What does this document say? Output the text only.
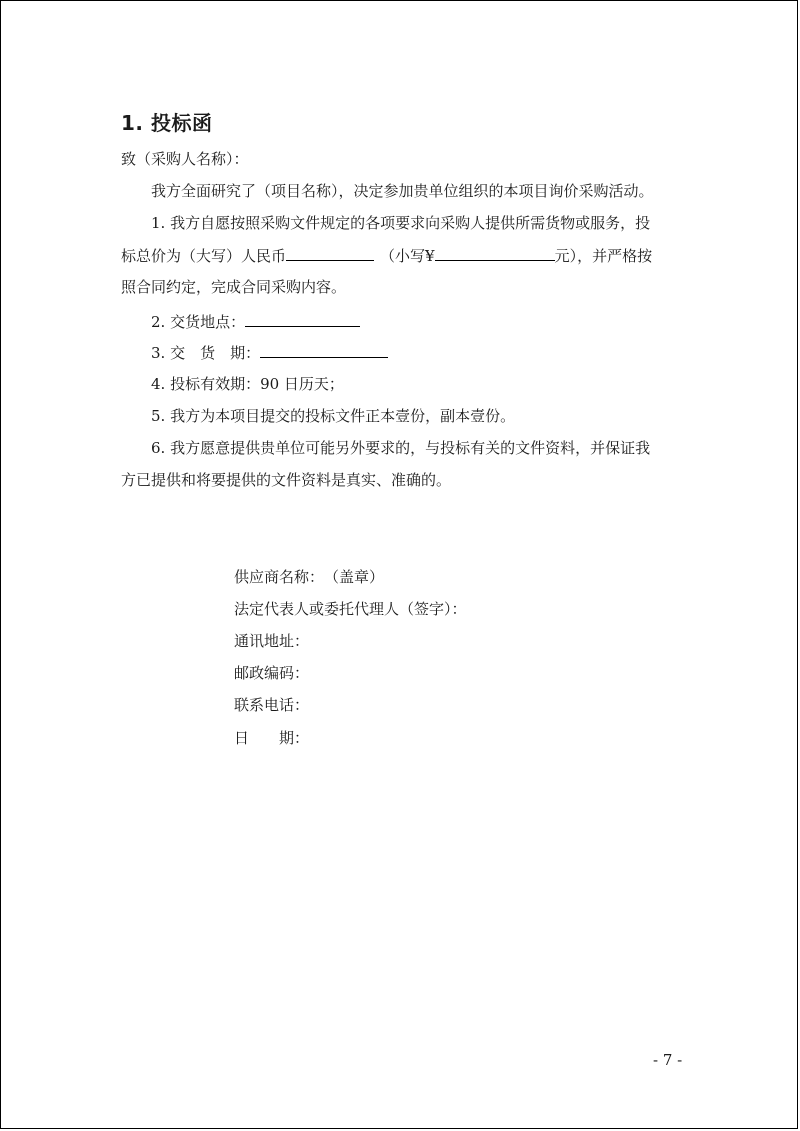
1. 投标函
致（采购人名称）：
我方全面研究了（项目名称），决定参加贵单位组织的本项目询价采购活动。
1. 我方自愿按照采购文件规定的各项要求向采购人提供所需货物或服务，投
标总价为（大写）人民币	（小写¥	元），并严格按
照合同约定，完成合同采购内容。
2. 交货地点：
3. 交　货　期：
4. 投标有效期：90 日历天；
5. 我方为本项目提交的投标文件正本壹份，副本壹份。
6. 我方愿意提供贵单位可能另外要求的，与投标有关的文件资料，并保证我
方已提供和将要提供的文件资料是真实、准确的。
供应商名称：　（盖章）
法定代表人或委托代理人（签字）：
通讯地址：
邮政编码：
联系电话：
日　　期：
- 7 -
